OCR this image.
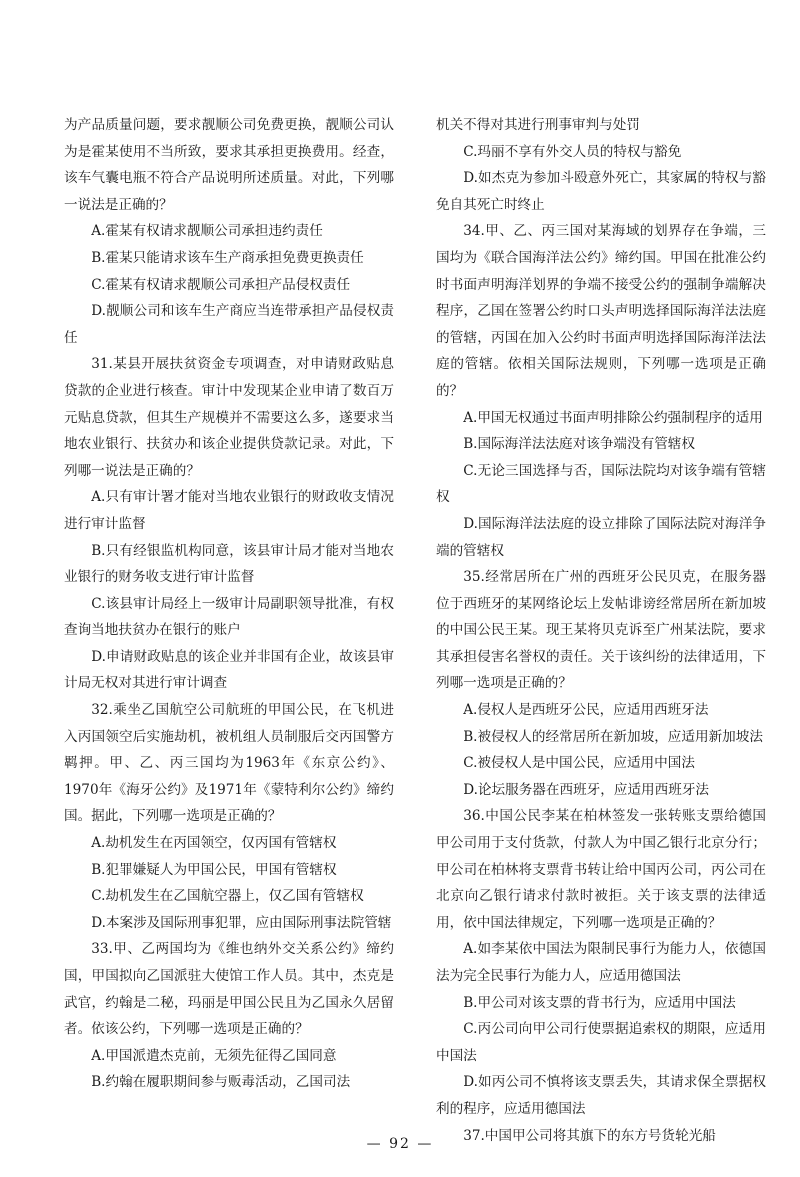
为产品质量问题，要求靓顺公司免费更换，靓顺公司认为是霍某使用不当所致，要求其承担更换费用。经查，该车气囊电瓶不符合产品说明所述质量。对此，下列哪一说法是正确的？

A.霍某有权请求靓顺公司承担违约责任

B.霍某只能请求该车生产商承担免费更换责任

C.霍某有权请求靓顺公司承担产品侵权责任

D.靓顺公司和该车生产商应当连带承担产品侵权责任

31.某县开展扶贫资金专项调查，对申请财政贴息贷款的企业进行核查。审计中发现某企业申请了数百万元贴息贷款，但其生产规模并不需要这么多，遂要求当地农业银行、扶贫办和该企业提供贷款记录。对此，下列哪一说法是正确的？

A.只有审计署才能对当地农业银行的财政收支情况进行审计监督

B.只有经银监机构同意，该县审计局才能对当地农业银行的财务收支进行审计监督

C.该县审计局经上一级审计局副职领导批准，有权查询当地扶贫办在银行的账户

D.申请财政贴息的该企业并非国有企业，故该县审计局无权对其进行审计调查

32.乘坐乙国航空公司航班的甲国公民，在飞机进入丙国领空后实施劫机，被机组人员制服后交丙国警方羁押。甲、乙、丙三国均为1963年《东京公约》、1970年《海牙公约》及1971年《蒙特利尔公约》缔约国。据此，下列哪一选项是正确的？

A.劫机发生在丙国领空，仅丙国有管辖权

B.犯罪嫌疑人为甲国公民，甲国有管辖权

C.劫机发生在乙国航空器上，仅乙国有管辖权

D.本案涉及国际刑事犯罪，应由国际刑事法院管辖

33.甲、乙两国均为《维也纳外交关系公约》缔约国，甲国拟向乙国派驻大使馆工作人员。其中，杰克是武官，约翰是二秘，玛丽是甲国公民且为乙国永久居留者。依该公约，下列哪一选项是正确的？

A.甲国派遣杰克前，无须先征得乙国同意

B.约翰在履职期间参与贩毒活动，乙国司法

机关不得对其进行刑事审判与处罚

C.玛丽不享有外交人员的特权与豁免

D.如杰克为参加斗殴意外死亡，其家属的特权与豁免自其死亡时终止

34.甲、乙、丙三国对某海域的划界存在争端，三国均为《联合国海洋法公约》缔约国。甲国在批准公约时书面声明海洋划界的争端不接受公约的强制争端解决程序，乙国在签署公约时口头声明选择国际海洋法法庭的管辖，丙国在加入公约时书面声明选择国际海洋法法庭的管辖。依相关国际法规则，下列哪一选项是正确的？

A.甲国无权通过书面声明排除公约强制程序的适用

B.国际海洋法法庭对该争端没有管辖权

C.无论三国选择与否，国际法院均对该争端有管辖权

D.国际海洋法法庭的设立排除了国际法院对海洋争端的管辖权

35.经常居所在广州的西班牙公民贝克，在服务器位于西班牙的某网络论坛上发帖诽谤经常居所在新加坡的中国公民王某。现王某将贝克诉至广州某法院，要求其承担侵害名誉权的责任。关于该纠纷的法律适用，下列哪一选项是正确的？

A.侵权人是西班牙公民，应适用西班牙法

B.被侵权人的经常居所在新加坡，应适用新加坡法

C.被侵权人是中国公民，应适用中国法

D.论坛服务器在西班牙，应适用西班牙法

36.中国公民李某在柏林签发一张转账支票给德国甲公司用于支付货款，付款人为中国乙银行北京分行；甲公司在柏林将支票背书转让给中国丙公司，丙公司在北京向乙银行请求付款时被拒。关于该支票的法律适用，依中国法律规定，下列哪一选项是正确的？

A.如李某依中国法为限制民事行为能力人，依德国法为完全民事行为能力人，应适用德国法

B.甲公司对该支票的背书行为，应适用中国法

C.丙公司向甲公司行使票据追索权的期限，应适用中国法

D.如丙公司不慎将该支票丢失，其请求保全票据权利的程序，应适用德国法

37.中国甲公司将其旗下的东方号货轮光船

— 92 —
